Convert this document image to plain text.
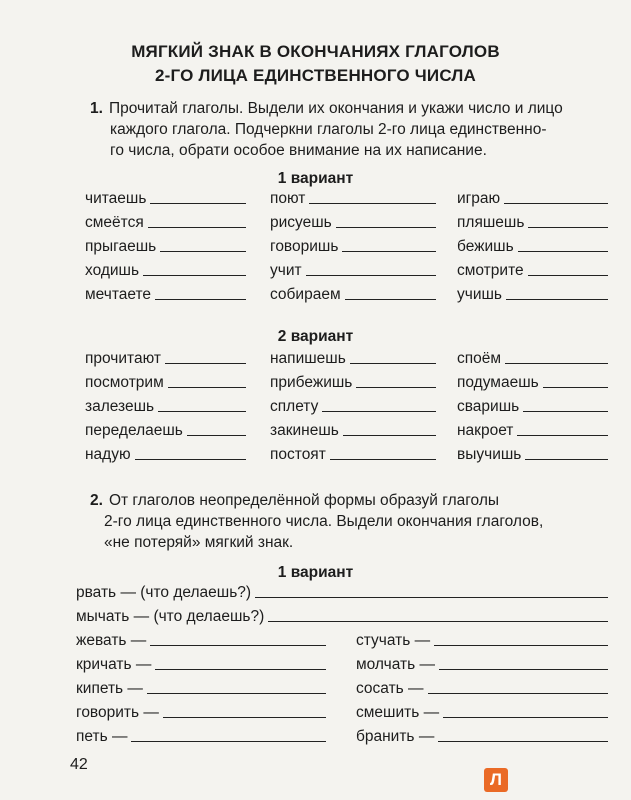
МЯГКИЙ ЗНАК В ОКОНЧАНИЯХ ГЛАГОЛОВ
2-ГО ЛИЦА ЕДИНСТВЕННОГО ЧИСЛА
1. Прочитай глаголы. Выдели их окончания и укажи число и лицо
каждого глагола. Подчеркни глаголы 2-го лица единственно-
го числа, обрати особое внимание на их написание.
1 вариант
читаешь	поют	играю
смеётся	рисуешь	пляшешь
прыгаешь	говоришь	бежишь
ходишь	учит	смотрите
мечтаете	собираем	учишь
2 вариант
прочитают	напишешь	споём
посмотрим	прибежишь	подумаешь
залезешь	сплету	сваришь
переделаешь	закинешь	накроет
надую	постоят	выучишь
2. От глаголов неопределённой формы образуй глаголы
2-го лица единственного числа. Выдели окончания глаголов,
«не потеряй» мягкий знак.
1 вариант
рвать — (что делаешь?)
мычать — (что делаешь?)
жевать —	стучать —
кричать —	молчать —
кипеть —	сосать —
говорить —	смешить —
петь —	бранить —
42
Л
